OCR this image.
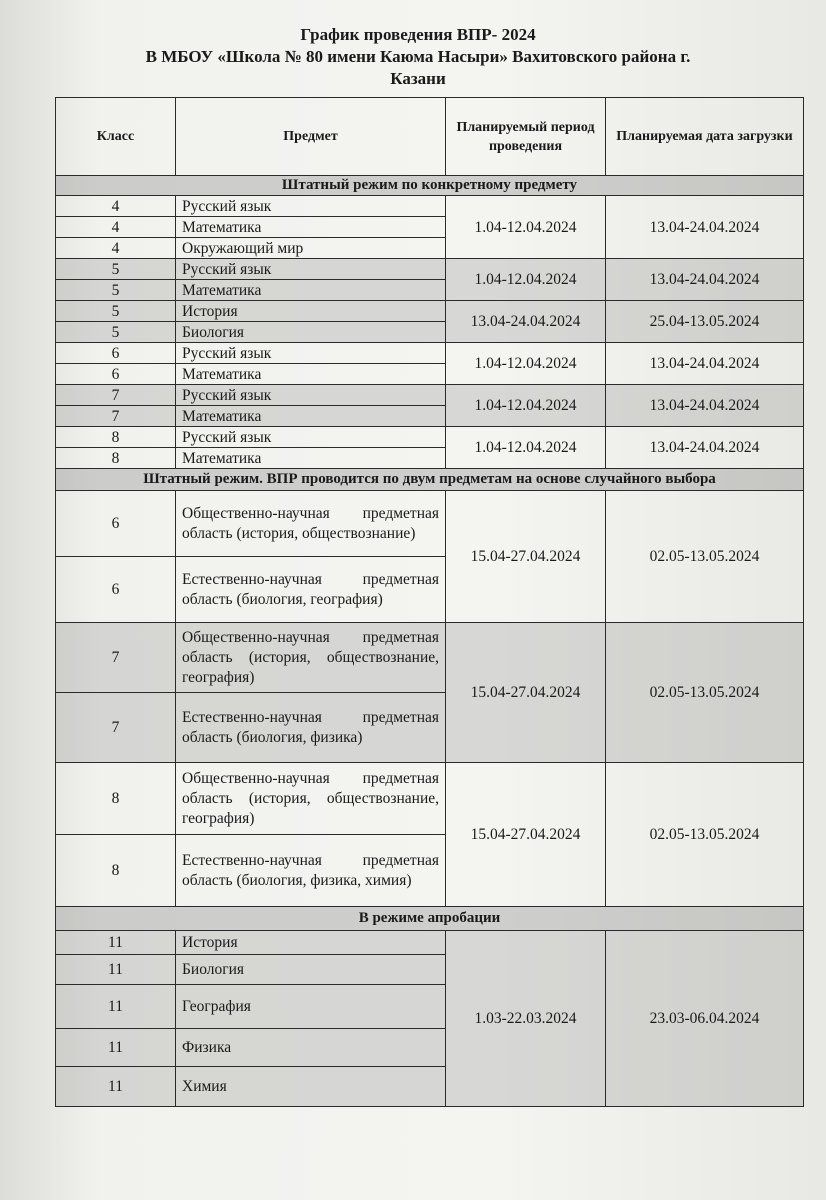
График проведения ВПР- 2024
В МБОУ «Школа № 80 имени Каюма Насыри» Вахитовского района г.
Казани
Класс	Предмет	Планируемый период проведения	Планируемая дата загрузки
Штатный режим по конкретному предмету			
4	Русский язык	1.04-12.04.2024	13.04-24.04.2024
4	Математика		
4	Окружающий мир		
5	Русский язык	1.04-12.04.2024	13.04-24.04.2024
5	Математика		
5	История	13.04-24.04.2024	25.04-13.05.2024
5	Биология		
6	Русский язык	1.04-12.04.2024	13.04-24.04.2024
6	Математика		
7	Русский язык	1.04-12.04.2024	13.04-24.04.2024
7	Математика		
8	Русский язык	1.04-12.04.2024	13.04-24.04.2024
8	Математика		
Штатный режим. ВПР проводится по двум предметам на основе случайного выбора			
6	Общественно-научная предметная область (история, обществознание)	15.04-27.04.2024	02.05-13.05.2024
6	Естественно-научная предметная область (биология, география)		
7	Общественно-научная предметная область (история, обществознание, география)	15.04-27.04.2024	02.05-13.05.2024
7	Естественно-научная предметная область (биология, физика)		
8	Общественно-научная предметная область (история, обществознание, география)	15.04-27.04.2024	02.05-13.05.2024
8	Естественно-научная предметная область (биология, физика, химия)		
В режиме апробации			
11	История	1.03-22.03.2024	23.03-06.04.2024
11	Биология		
11	География		
11	Физика		
11	Химия		
